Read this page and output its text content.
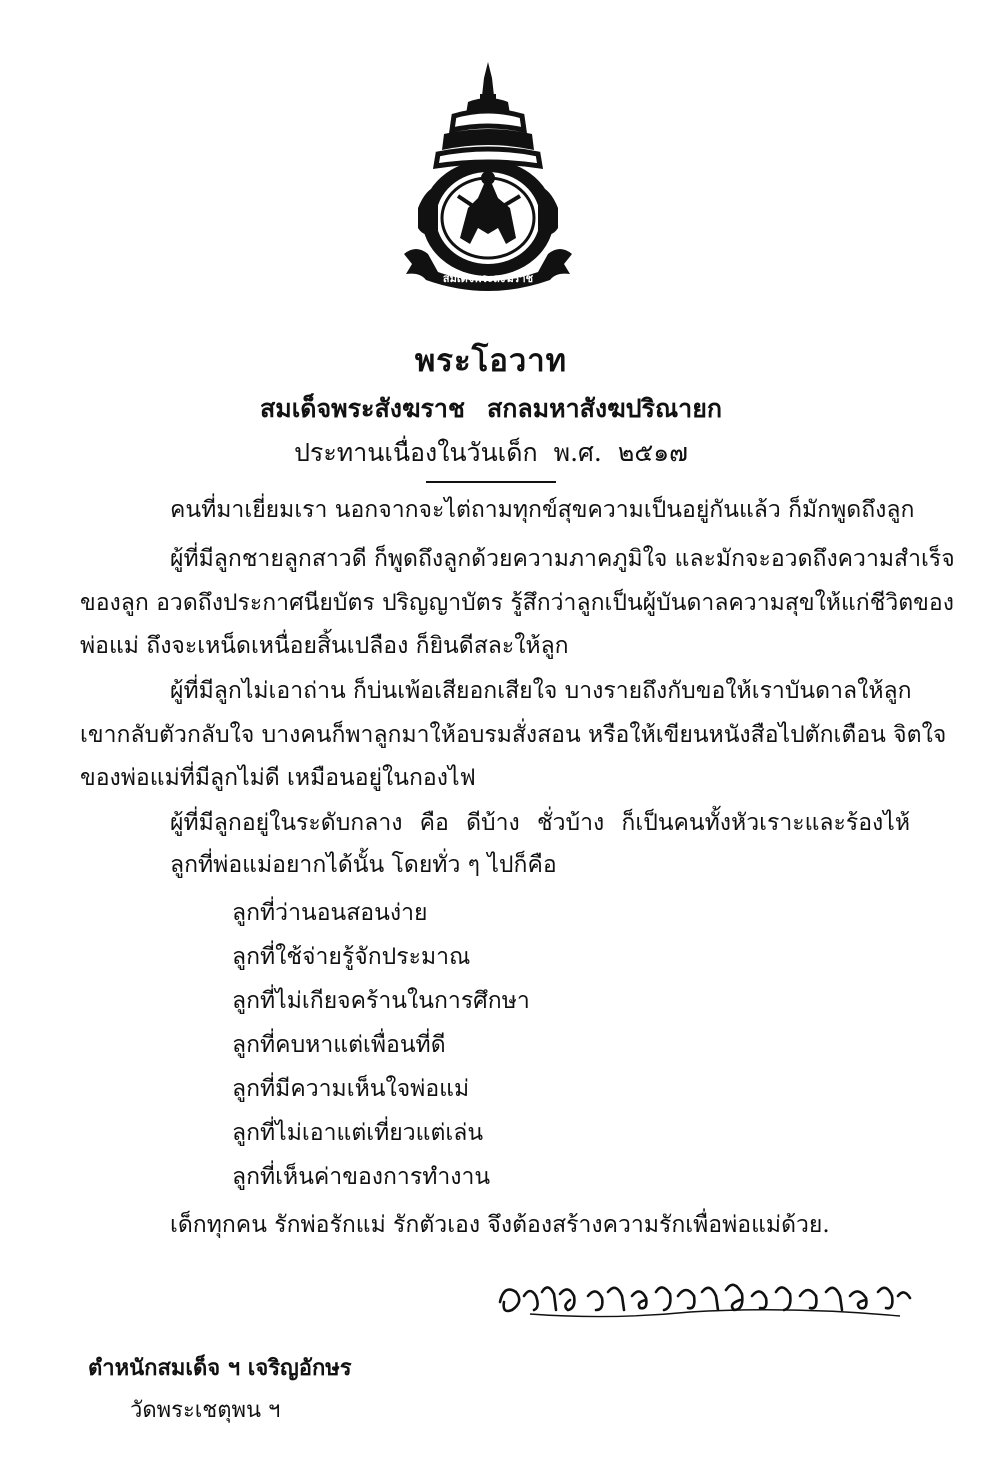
สมเดจพระสงฆราช
พระโอวาท
สมเด็จพระสังฆราช สกลมหาสังฆปริณายก
ประทานเนื่องในวันเด็ก พ.ศ. ๒๕๑๗
คนที่มาเยี่ยมเรา นอกจากจะไต่ถามทุกข์สุขความเป็นอยู่กันแล้ว ก็มักพูดถึงลูก
ผู้ที่มีลูกชายลูกสาวดี ก็พูดถึงลูกด้วยความภาคภูมิใจ และมักจะอวดถึงความสำเร็จ
ของลูก อวดถึงประกาศนียบัตร ปริญญาบัตร รู้สึกว่าลูกเป็นผู้บันดาลความสุขให้แก่ชีวิตของ
พ่อแม่ ถึงจะเหน็ดเหนื่อยสิ้นเปลือง ก็ยินดีสละให้ลูก
ผู้ที่มีลูกไม่เอาถ่าน ก็บ่นเพ้อเสียอกเสียใจ บางรายถึงกับขอให้เราบันดาลให้ลูก
เขากลับตัวกลับใจ บางคนก็พาลูกมาให้อบรมสั่งสอน หรือให้เขียนหนังสือไปตักเตือน จิตใจ
ของพ่อแม่ที่มีลูกไม่ดี เหมือนอยู่ในกองไฟ
ผู้ที่มีลูกอยู่ในระดับกลาง คือ ดีบ้าง ชั่วบ้าง ก็เป็นคนทั้งหัวเราะและร้องไห้
ลูกที่พ่อแม่อยากได้นั้น โดยทั่ว ๆ ไปก็คือ
ลูกที่ว่านอนสอนง่าย
ลูกที่ใช้จ่ายรู้จักประมาณ
ลูกที่ไม่เกียจคร้านในการศึกษา
ลูกที่คบหาแต่เพื่อนที่ดี
ลูกที่มีความเห็นใจพ่อแม่
ลูกที่ไม่เอาแต่เที่ยวแต่เล่น
ลูกที่เห็นค่าของการทำงาน
เด็กทุกคน รักพ่อรักแม่ รักตัวเอง จึงต้องสร้างความรักเพื่อพ่อแม่ด้วย.
ตำหนักสมเด็จ ฯ เจริญอักษร
วัดพระเชตุพน ฯ
